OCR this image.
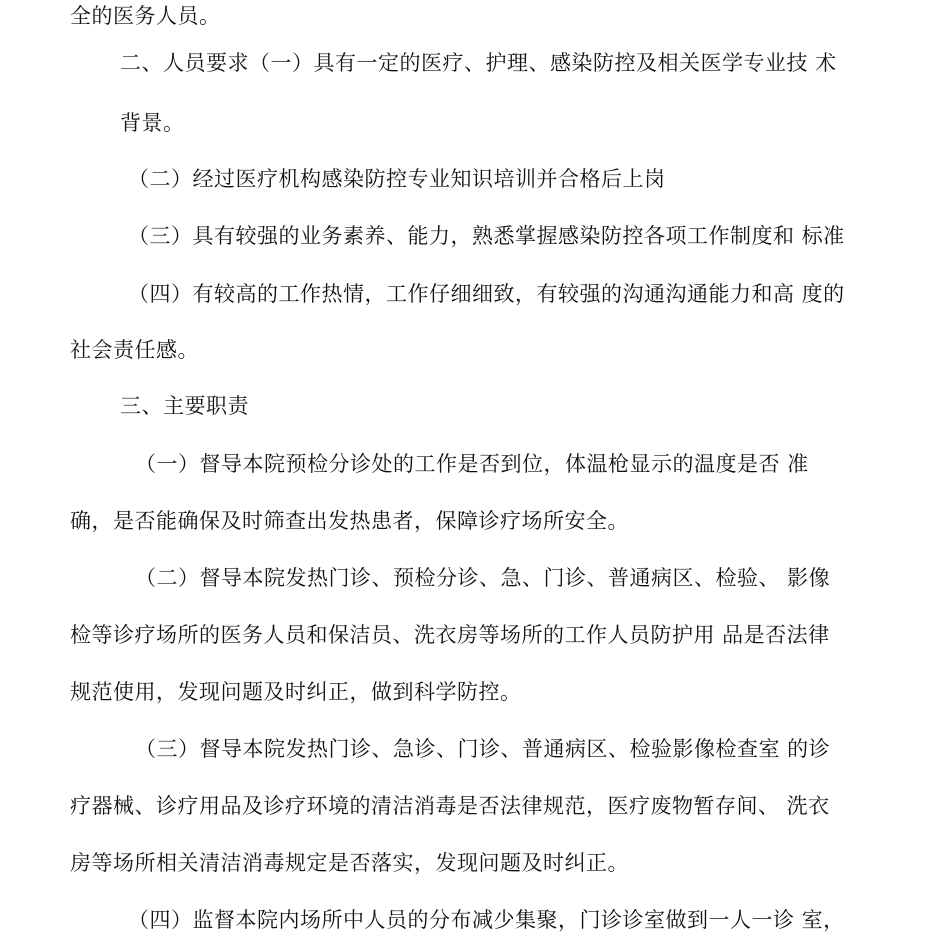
全的医务人员。
二、人员要求（一）具有一定的医疗、护理、感染防控及相关医学专业技 术
背景。
（二）经过医疗机构感染防控专业知识培训并合格后上岗
（三）具有较强的业务素养、能力，熟悉掌握感染防控各项工作制度和 标准
（四）有较高的工作热情，工作仔细细致，有较强的沟通沟通能力和高 度的
社会责任感。
三、主要职责
（一）督导本院预检分诊处的工作是否到位，体温枪显示的温度是否 准
确，是否能确保及时筛查出发热患者，保障诊疗场所安全。
（二）督导本院发热门诊、预检分诊、急、门诊、普通病区、检验、 影像
检等诊疗场所的医务人员和保洁员、洗衣房等场所的工作人员防护用 品是否法律
规范使用，发现问题及时纠正，做到科学防控。
（三）督导本院发热门诊、急诊、门诊、普通病区、检验影像检查室 的诊
疗器械、诊疗用品及诊疗环境的清洁消毒是否法律规范，医疗废物暂存间、 洗衣
房等场所相关清洁消毒规定是否落实，发现问题及时纠正。
（四）监督本院内场所中人员的分布减少集聚，门诊诊室做到一人一诊 室，
